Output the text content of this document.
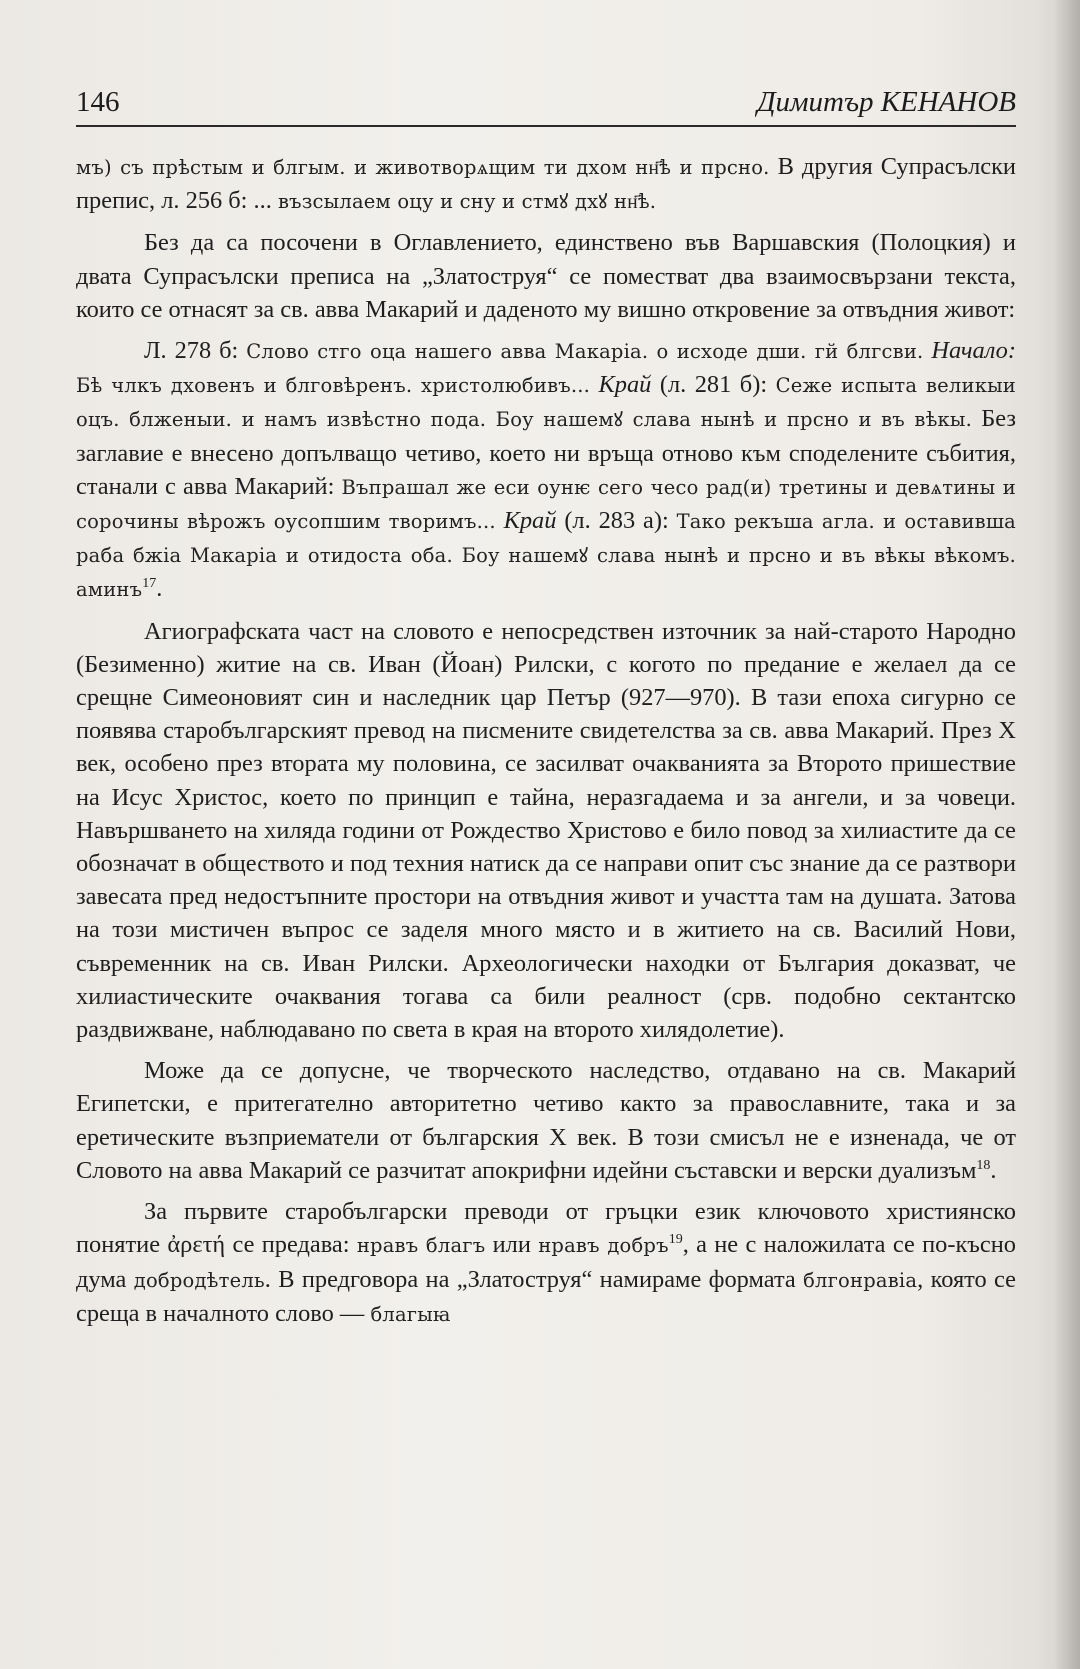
146	Димитър КЕНАНОВ

мъ) съ прѣстым и блгым. и животворѧщим ти дхом нн҃ѣ и прсно. В другия Супрасълски препис, л. 256 б: ... възсылаем оцу и сну и стмꙋ дхꙋ нн҃ѣ.

Без да са посочени в Оглавлението, единствено във Варшавския (Полоцкия) и двата Супрасълски преписа на „Златоструя“ се поместват два взаимосвързани текста, които се отнасят за св. авва Макарий и даденото му вишно откровение за отвъдния живот:

Л. 278 б: Слово стго оца нашего авва Макаріа. о исходе дши. гй блгсви. Начало: Бѣ члкъ дховенъ и блговѣренъ. христолюбивъ... Край (л. 281 б): Сеже испыта великыи оцъ. блженыи. и намъ извѣстно пода. Боу нашемꙋ слава нынѣ и прсно и въ вѣкы. Без заглавие е внесено допълващо четиво, което ни връща отново към споделените събития, станали с авва Макарий: Въпрашал же еси оунѥ сего чесо рад(и) третины и девѧтины и сорочины вѣрожъ оусопшим творимъ... Край (л. 283 а): Тако рекъша агла. и оставивша раба бжіа Макаріа и отидоста оба. Боу нашемꙋ слава нынѣ и прсно и въ вѣкы вѣкомъ. аминъ$^{17}$.

Агиографската част на словото е непосредствен източник за най-старото Народно (Безименно) житие на св. Иван (Йоан) Рилски, с когото по предание е желаел да се срещне Симеоновият син и наследник цар Петър (927—970). В тази епоха сигурно се появява старобългарският превод на писмените свидетелства за св. авва Макарий. През X век, особено през втората му половина, се засилват очакванията за Второто пришествие на Исус Христос, което по принцип е тайна, неразгадаема и за ангели, и за човеци. Навършването на хиляда години от Рождество Христово е било повод за хилиастите да се обозначат в обществото и под техния натиск да се направи опит със знание да се разтвори завесата пред недостъпните простори на отвъдния живот и участта там на душата. Затова на този мистичен въпрос се заделя много място и в житието на св. Василий Нови, съвременник на св. Иван Рилски. Археологически находки от България доказват, че хилиастическите очаквания тогава са били реалност (срв. подобно сектантско раздвижване, наблюдавано по света в края на второто хилядолетие).

Може да се допусне, че творческото наследство, отдавано на св. Макарий Египетски, е притегателно авторитетно четиво както за православните, така и за еретическите възприематели от българския X век. В този смисъл не е изненада, че от Словото на авва Макарий се разчитат апокрифни идейни съставски и верски дуализъм$^{18}$.

За първите старобългарски преводи от гръцки език ключовото християнско понятие ἀρετή се предава: нравъ благъ или нравъ добръ$^{19}$, а не с наложилата се по-късно дума добродѣтель. В предговора на „Златоструя“ намираме формата блгонравіа, която се среща в началното слово — благыꙗ
